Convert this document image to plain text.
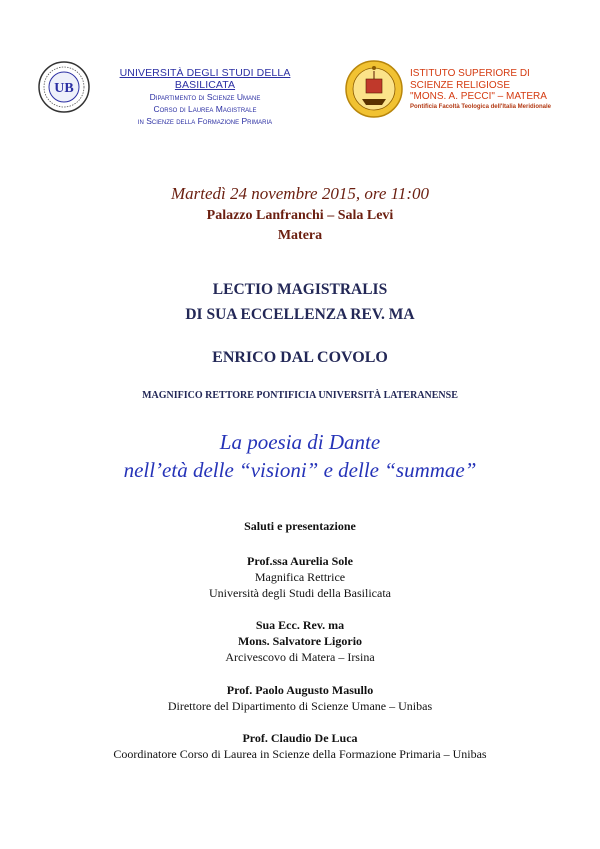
UB
UNIVERSITÀ DEGLI STUDI DELLA BASILICATA
Dipartimento di Scienze Umane
Corso di Laurea Magistrale
in Scienze della Formazione Primaria
ISTITUTO SUPERIORE DI
SCIENZE RELIGIOSE
"MONS. A. PECCI" – MATERA
Pontificia Facoltà Teologica dell'Italia Meridionale
Martedì 24 novembre 2015, ore 11:00
Palazzo Lanfranchi – Sala Levi
Matera
LECTIO MAGISTRALIS
DI SUA ECCELLENZA REV. MA
ENRICO DAL COVOLO
MAGNIFICO RETTORE PONTIFICIA UNIVERSITÀ LATERANENSE
La poesia di Dante
nell’età delle “visioni” e delle “summae”
Saluti e presentazione
Prof.ssa Aurelia Sole
Magnifica Rettrice
Università degli Studi della Basilicata
Sua Ecc. Rev. ma
Mons. Salvatore Ligorio
Arcivescovo di Matera – Irsina
Prof. Paolo Augusto Masullo
Direttore del Dipartimento di Scienze Umane – Unibas
Prof. Claudio De Luca
Coordinatore Corso di Laurea in Scienze della Formazione Primaria – Unibas
